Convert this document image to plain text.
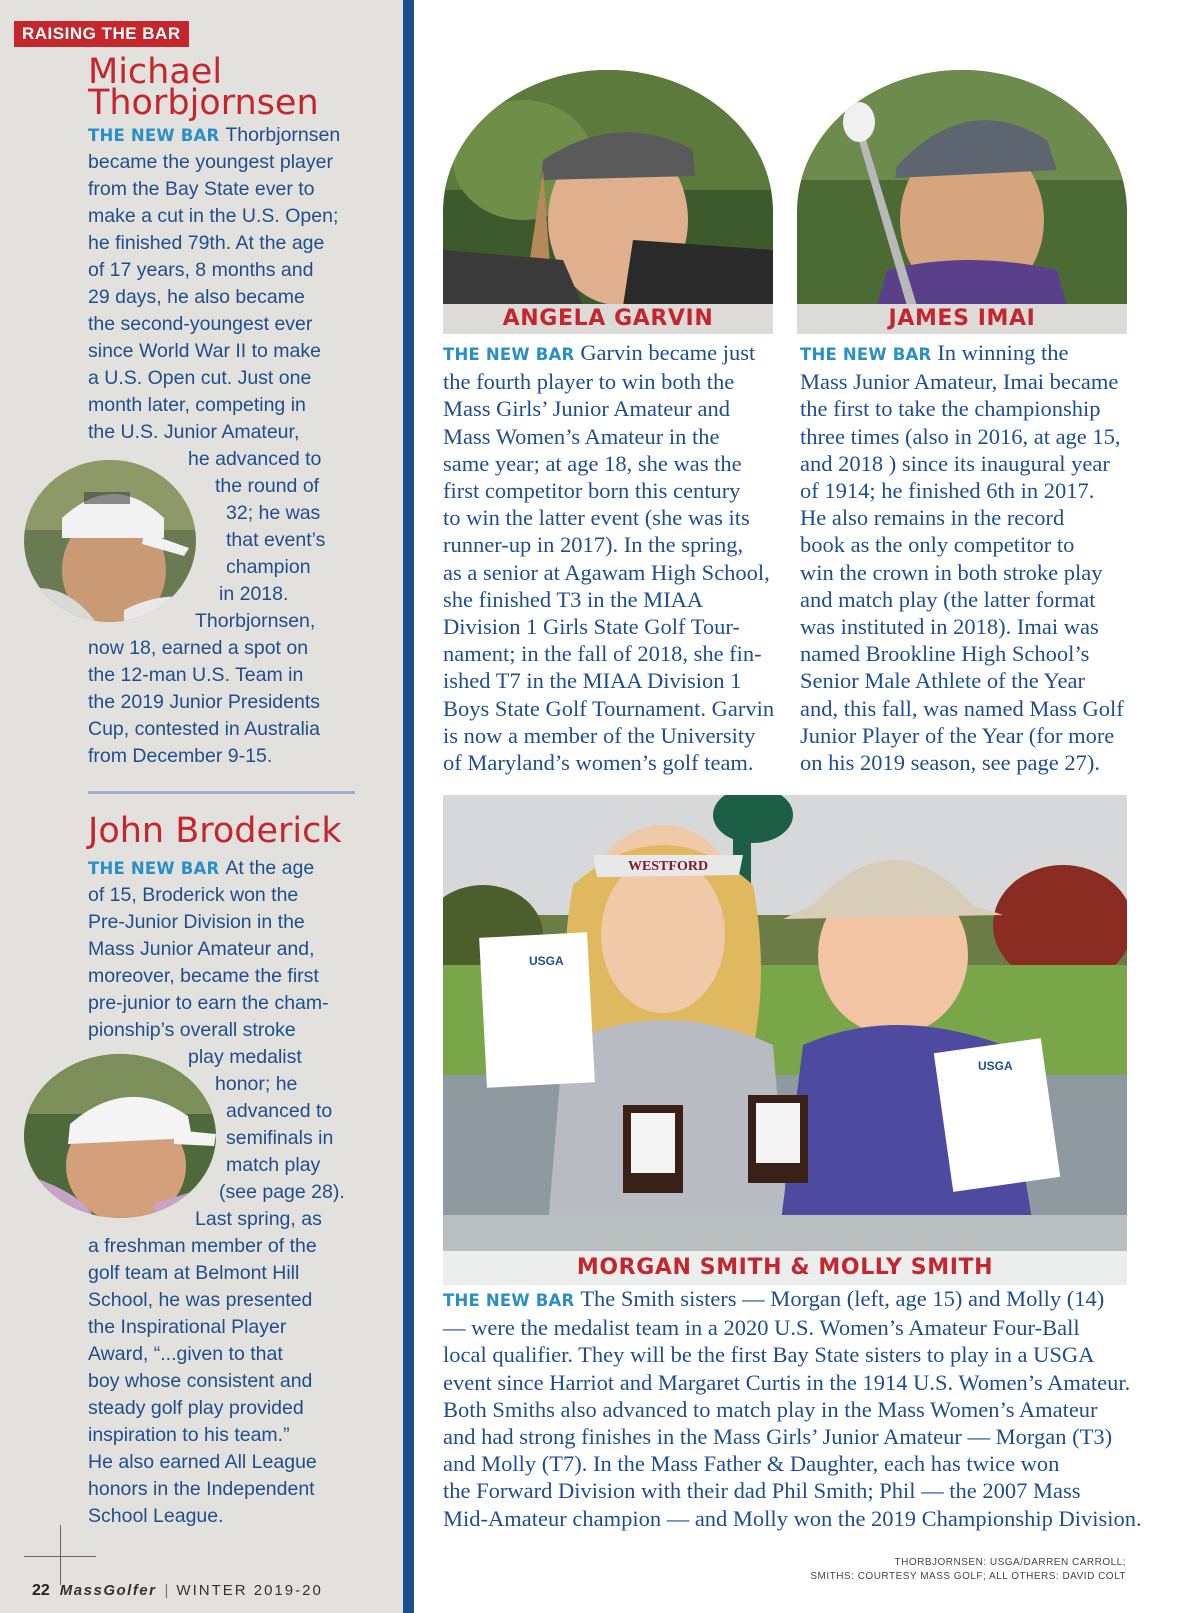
RAISING THE BAR
Michael
Thorbjornsen
THE NEW BAR Thorbjornsen
became the youngest player
from the Bay State ever to
make a cut in the U.S. Open;
he finished 79th. At the age
of 17 years, 8 months and
29 days, he also became
the second-youngest ever
since World War II to make
a U.S. Open cut. Just one
month later, competing in
the U.S. Junior Amateur,
he advanced to
the round of
32; he was
that event’s
champion
in 2018.
Thorbjornsen,
now 18, earned a spot on
the 12-man U.S. Team in
the 2019 Junior Presidents
Cup, contested in Australia
from December 9-15.
John Broderick
THE NEW BAR At the age
of 15, Broderick won the
Pre-Junior Division in the
Mass Junior Amateur and,
moreover, became the first
pre-junior to earn the cham-
pionship’s overall stroke
play medalist
honor; he
advanced to
semifinals in
match play
(see page 28).
Last spring, as
a freshman member of the
golf team at Belmont Hill
School, he was presented
the Inspirational Player
Award, “...given to that
boy whose consistent and
steady golf play provided
inspiration to his team.”
He also earned All League
honors in the Independent
School League.
ANGELA GARVIN
THE NEW BAR Garvin became just
the fourth player to win both the
Mass Girls’ Junior Amateur and
Mass Women’s Amateur in the
same year; at age 18, she was the
first competitor born this century
to win the latter event (she was its
runner-up in 2017). In the spring,
as a senior at Agawam High School,
she finished T3 in the MIAA
Division 1 Girls State Golf Tour-
nament; in the fall of 2018, she fin-
ished T7 in the MIAA Division 1
Boys State Golf Tournament. Garvin
is now a member of the University
of Maryland’s women’s golf team.
JAMES IMAI
THE NEW BAR In winning the
Mass Junior Amateur, Imai became
the first to take the championship
three times (also in 2016, at age 15,
and 2018 ) since its inaugural year
of 1914; he finished 6th in 2017.
He also remains in the record
book as the only competitor to
win the crown in both stroke play
and match play (the latter format
was instituted in 2018). Imai was
named Brookline High School’s
Senior Male Athlete of the Year
and, this fall, was named Mass Golf
Junior Player of the Year (for more
on his 2019 season, see page 27).
WESTFORD
USGA
USGA
MORGAN SMITH & MOLLY SMITH
THE NEW BAR The Smith sisters — Morgan (left, age 15) and Molly (14)
— were the medalist team in a 2020 U.S. Women’s Amateur Four-Ball
local qualifier. They will be the first Bay State sisters to play in a USGA
event since Harriot and Margaret Curtis in the 1914 U.S. Women’s Amateur.
Both Smiths also advanced to match play in the Mass Women’s Amateur
and had strong finishes in the Mass Girls’ Junior Amateur — Morgan (T3)
and Molly (T7). In the Mass Father & Daughter, each has twice won
the Forward Division with their dad Phil Smith; Phil — the 2007 Mass
Mid-Amateur champion — and Molly won the 2019 Championship Division.
22 MassGolfer | WINTER 2019-20
THORBJORNSEN: USGA/DARREN CARROLL;
SMITHS: COURTESY MASS GOLF; ALL OTHERS: DAVID COLT
